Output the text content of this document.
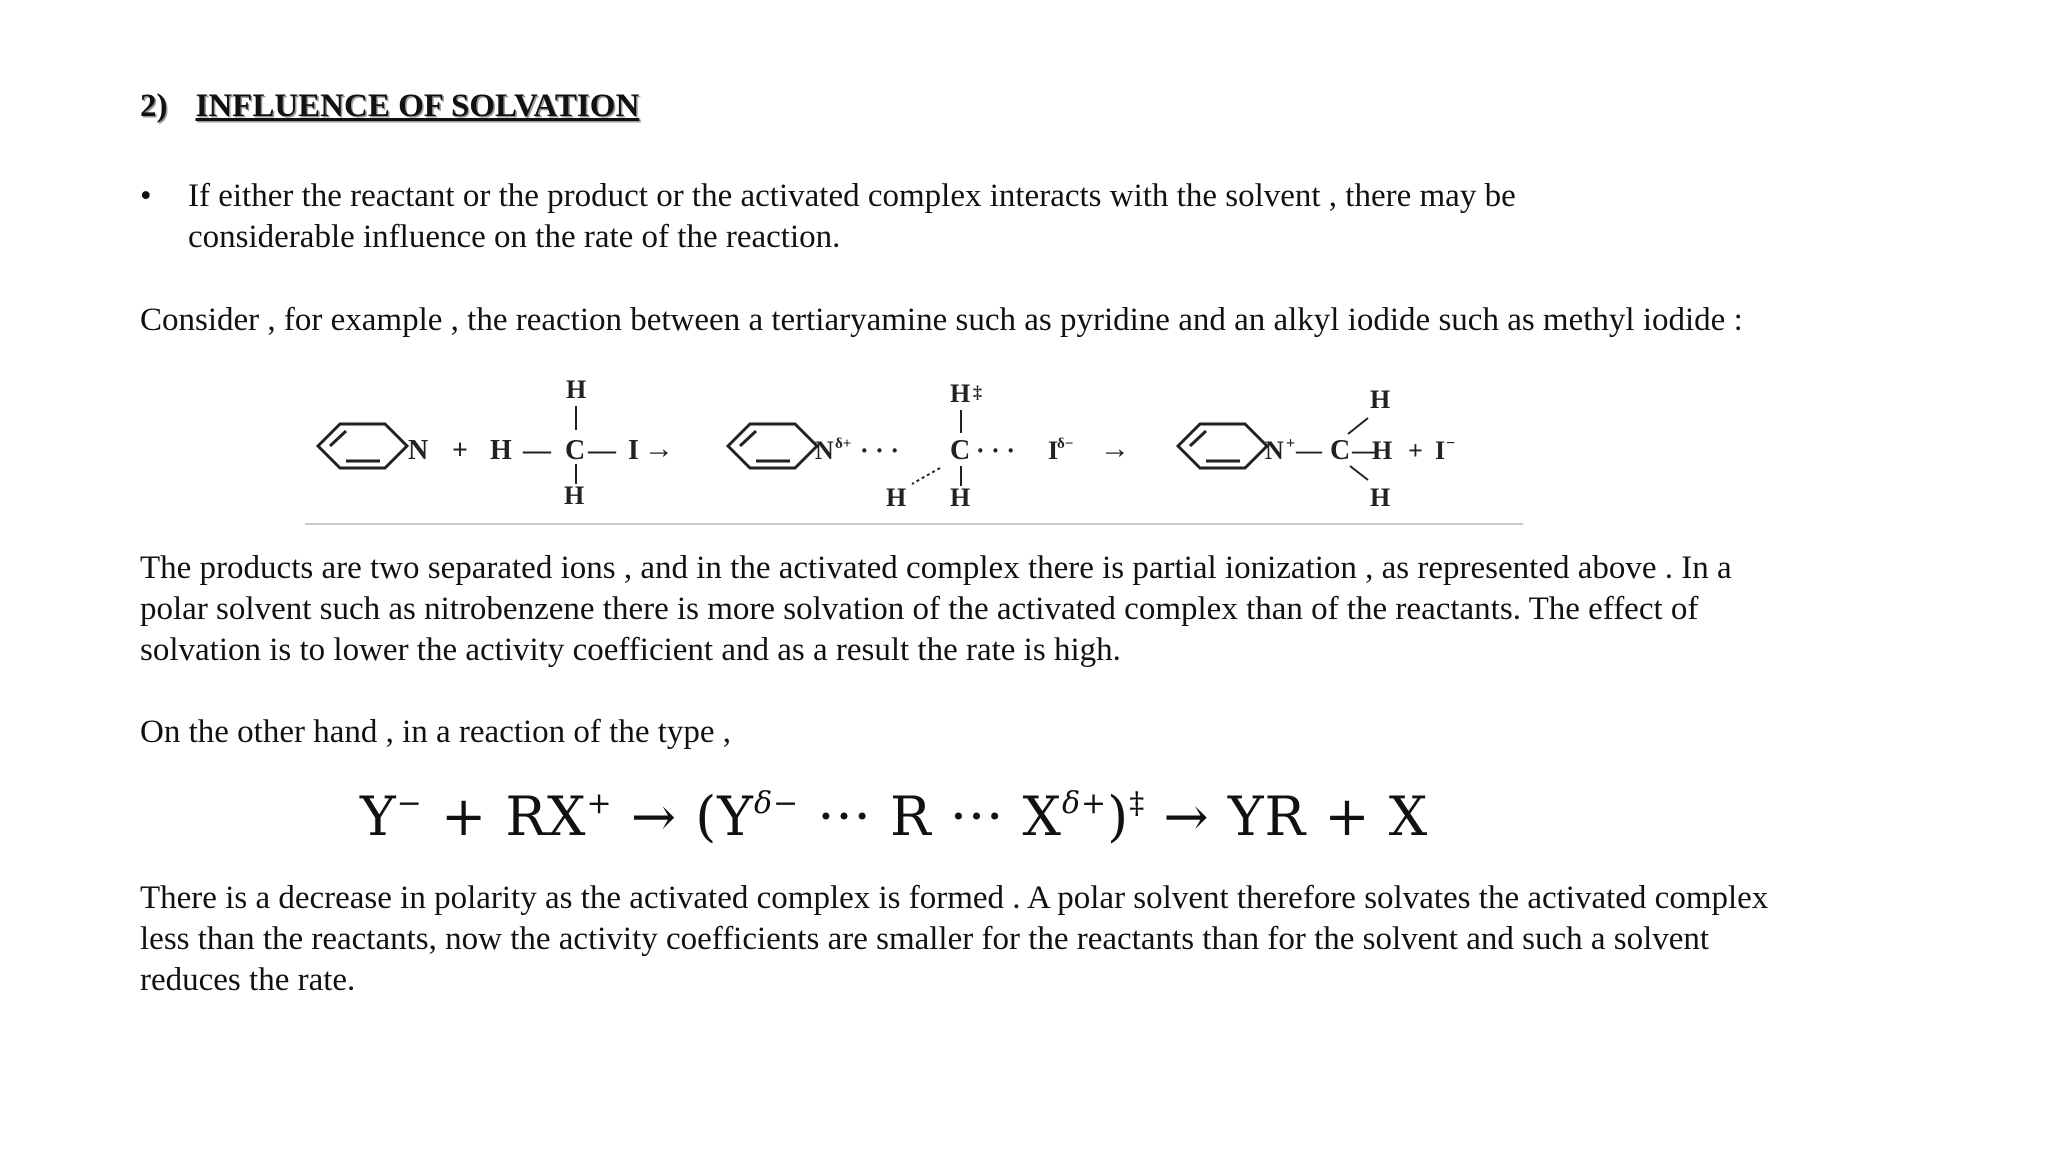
2) INFLUENCE OF SOLVATION
• If either the reactant or the product or the activated complex interacts with the solvent , there may be considerable influence on the rate of the reaction.
Consider , for example , the reaction between a tertiaryamine such as pyridine and an alkyl iodide such as methyl iodide :
N +
H
H — C — I
H
→	N δ+ · · ·
H ‡
C · · · I
δ−
H H
→	N + — C
H
—
H
H
+ I −
The products are two separated ions , and in the activated complex there is partial ionization , as represented above . In a polar solvent such as nitrobenzene there is more solvation of the activated complex than of the reactants. The effect of solvation is to lower the activity coefficient and as a result the rate is high.
On the other hand , in a reaction of the type ,
$Y^- + RX^+ \to (Y^{\delta-}$ ··· R ··· $X^{\delta+})^\ddagger$ → YR + X
There is a decrease in polarity as the activated complex is formed . A polar solvent therefore solvates the activated complex less than the reactants, now the activity coefficients are smaller for the reactants than for the solvent and such a solvent reduces the rate.
